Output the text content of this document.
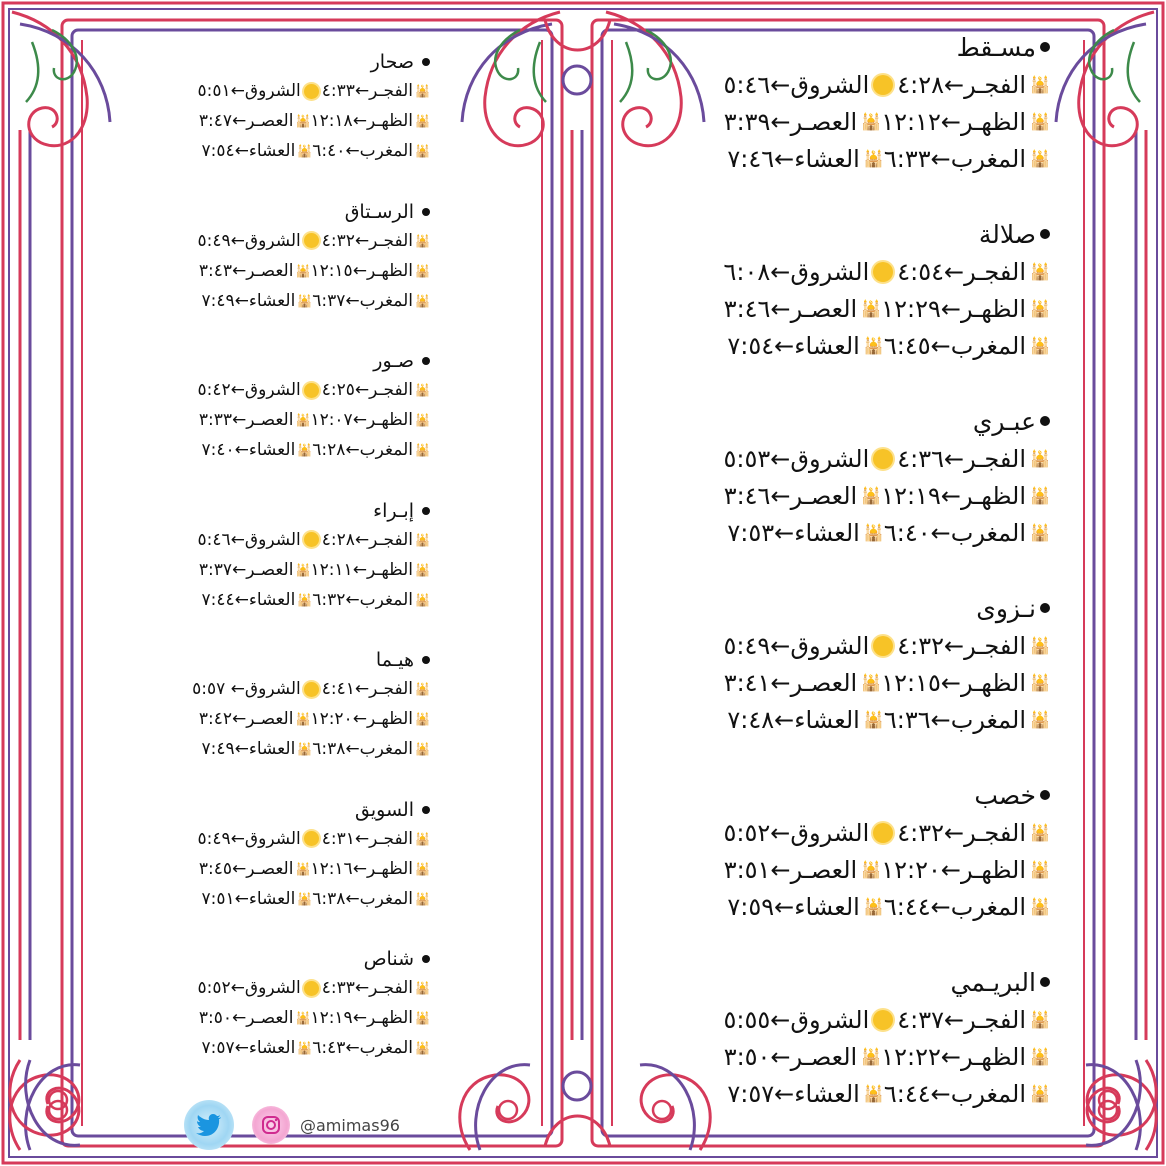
مسـقط
🕌
الفجـر
←٤:٢٨
الشروق
←٥:٤٦
🕌
الظهـر
←١٢:١٢
🕌
العصـر
←٣:٣٩
🕌
المغرب
←٦:٣٣
🕌
العشاء
←٧:٤٦
صلالة
🕌
الفجـر
←٤:٥٤
الشروق
←٦:٠٨
🕌
الظهـر
←١٢:٢٩
🕌
العصـر
←٣:٤٦
🕌
المغرب
←٦:٤٥
🕌
العشاء
←٧:٥٤
عبـري
🕌
الفجـر
←٤:٣٦
الشروق
←٥:٥٣
🕌
الظهـر
←١٢:١٩
🕌
العصـر
←٣:٤٦
🕌
المغرب
←٦:٤٠
🕌
العشاء
←٧:٥٣
نـزوى
🕌
الفجـر
←٤:٣٢
الشروق
←٥:٤٩
🕌
الظهـر
←١٢:١٥
🕌
العصـر
←٣:٤١
🕌
المغرب
←٦:٣٦
🕌
العشاء
←٧:٤٨
خصب
🕌
الفجـر
←٤:٣٢
الشروق
←٥:٥٢
🕌
الظهـر
←١٢:٢٠
🕌
العصـر
←٣:٥١
🕌
المغرب
←٦:٤٤
🕌
العشاء
←٧:٥٩
البريـمي
🕌
الفجـر
←٤:٣٧
الشروق
←٥:٥٥
🕌
الظهـر
←١٢:٢٢
🕌
العصـر
←٣:٥٠
🕌
المغرب
←٦:٤٤
🕌
العشاء
←٧:٥٧
صحار
🕌
الفجـر
←٤:٣٣
الشروق
←٥:٥١
🕌
الظهـر
←١٢:١٨
🕌
العصـر
←٣:٤٧
🕌
المغرب
←٦:٤٠
🕌
العشاء
←٧:٥٤
الرسـتاق
🕌
الفجـر
←٤:٣٢
الشروق
←٥:٤٩
🕌
الظهـر
←١٢:١٥
🕌
العصـر
←٣:٤٣
🕌
المغرب
←٦:٣٧
🕌
العشاء
←٧:٤٩
صـور
🕌
الفجـر
←٤:٢٥
الشروق
←٥:٤٢
🕌
الظهـر
←١٢:٠٧
🕌
العصـر
←٣:٣٣
🕌
المغرب
←٦:٢٨
🕌
العشاء
←٧:٤٠
إبـراء
🕌
الفجـر
←٤:٢٨
الشروق
←٥:٤٦
🕌
الظهـر
←١٢:١١
🕌
العصـر
←٣:٣٧
🕌
المغرب
←٦:٣٢
🕌
العشاء
←٧:٤٤
هيـما
🕌
الفجـر
←٤:٤١
الشروق
← ٥:٥٧
🕌
الظهـر
←١٢:٢٠
🕌
العصـر
←٣:٤٢
🕌
المغرب
←٦:٣٨
🕌
العشاء
←٧:٤٩
السويق
🕌
الفجـر
←٤:٣١
الشروق
←٥:٤٩
🕌
الظهـر
←١٢:١٦
🕌
العصـر
←٣:٤٥
🕌
المغرب
←٦:٣٨
🕌
العشاء
←٧:٥١
شناص
🕌
الفجـر
←٤:٣٣
الشروق
←٥:٥٢
🕌
الظهـر
←١٢:١٩
🕌
العصـر
←٣:٥٠
🕌
المغرب
←٦:٤٣
🕌
العشاء
←٧:٥٧
@amimas96
